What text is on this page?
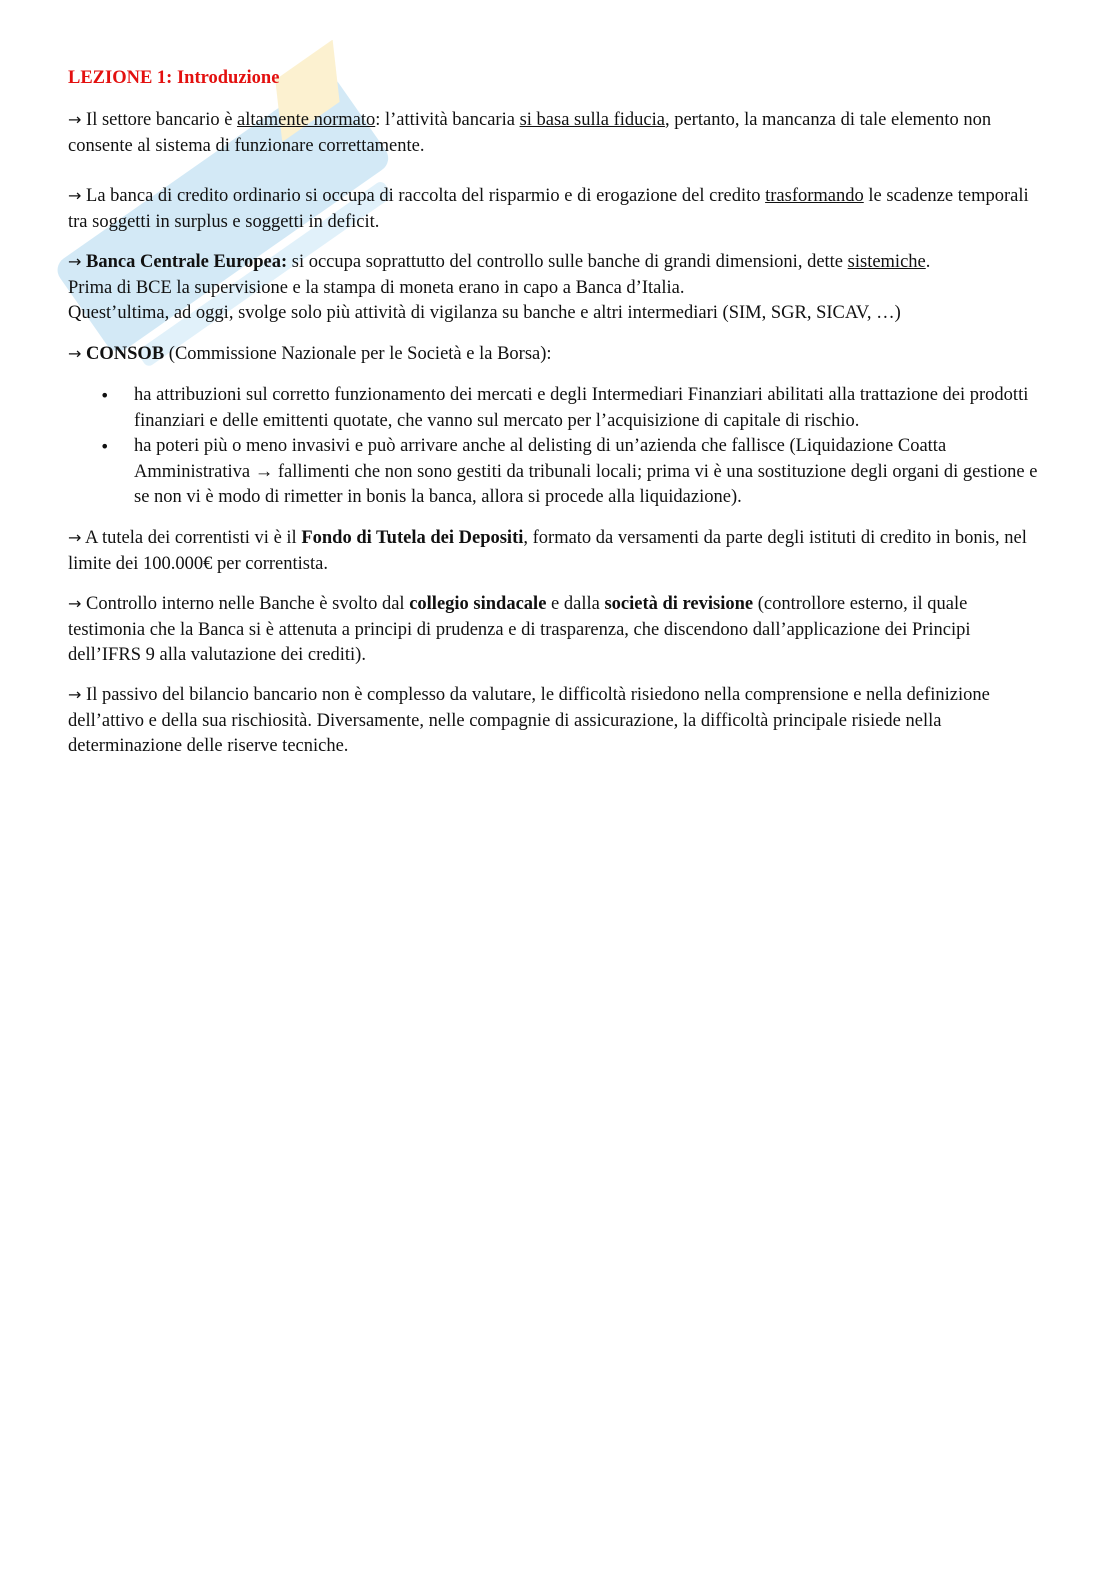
LEZIONE 1: Introduzione

→ Il settore bancario è altamente normato: l’attività bancaria si basa sulla fiducia, pertanto, la mancanza di tale elemento non consente al sistema di funzionare correttamente.

→ La banca di credito ordinario si occupa di raccolta del risparmio e di erogazione del credito trasformando le scadenze temporali tra soggetti in surplus e soggetti in deficit.

→ Banca Centrale Europea: si occupa soprattutto del controllo sulle banche di grandi dimensioni, dette sistemiche.
Prima di BCE la supervisione e la stampa di moneta erano in capo a Banca d’Italia.
Quest’ultima, ad oggi, svolge solo più attività di vigilanza su banche e altri intermediari (SIM, SGR, SICAV, …)

→ CONSOB (Commissione Nazionale per le Società e la Borsa):

• ha attribuzioni sul corretto funzionamento dei mercati e degli Intermediari Finanziari abilitati alla trattazione dei prodotti finanziari e delle emittenti quotate, che vanno sul mercato per l’acquisizione di capitale di rischio.
• ha poteri più o meno invasivi e può arrivare anche al delisting di un’azienda che fallisce (Liquidazione Coatta Amministrativa → fallimenti che non sono gestiti da tribunali locali; prima vi è una sostituzione degli organi di gestione e se non vi è modo di rimetter in bonis la banca, allora si procede alla liquidazione).

→ A tutela dei correntisti vi è il Fondo di Tutela dei Depositi, formato da versamenti da parte degli istituti di credito in bonis, nel limite dei 100.000€ per correntista.

→ Controllo interno nelle Banche è svolto dal collegio sindacale e dalla società di revisione (controllore esterno, il quale testimonia che la Banca si è attenuta a principi di prudenza e di trasparenza, che discendono dall’applicazione dei Principi dell’IFRS 9 alla valutazione dei crediti).

→ Il passivo del bilancio bancario non è complesso da valutare, le difficoltà risiedono nella comprensione e nella definizione dell’attivo e della sua rischiosità. Diversamente, nelle compagnie di assicurazione, la difficoltà principale risiede nella determinazione delle riserve tecniche.
